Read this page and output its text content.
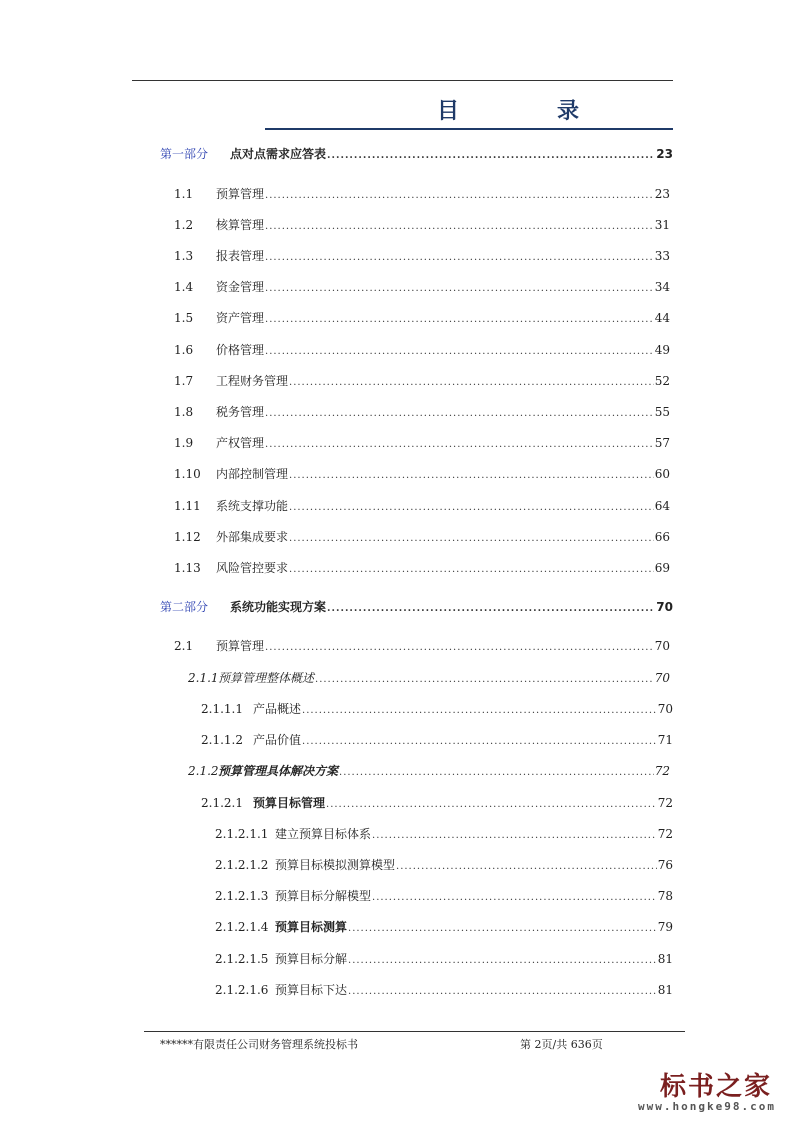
目　录
第一部分	点对点需求应答表 .....	23
1.1	预算管理 .....	23
1.2	核算管理 .....	31
1.3	报表管理 .....	33
1.4	资金管理 .....	34
1.5	资产管理 .....	44
1.6	价格管理 .....	49
1.7	工程财务管理 .....	52
1.8	税务管理 .....	55
1.9	产权管理 .....	57
1.10	内部控制管理 .....	60
1.11	系统支撑功能 .....	64
1.12	外部集成要求 .....	66
1.13	风险管控要求 .....	69
第二部分	系统功能实现方案 .....	70
2.1	预算管理 .....	70
2.1.1 预算管理整体概述 .....	70
2.1.1.1 产品概述 .....	70
2.1.1.2 产品价值 .....	71
2.1.2 预算管理具体解决方案 .....	72
2.1.2.1 预算目标管理 .....	72
2.1.2.1.1 建立预算目标体系 .....	72
2.1.2.1.2 预算目标模拟测算模型 .....	76
2.1.2.1.3 预算目标分解模型 .....	78
2.1.2.1.4 预算目标测算 .....	79
2.1.2.1.5 预算目标分解 .....	81
2.1.2.1.6 预算目标下达 .....	81
******有限责任公司财务管理系统投标书	第 2页/共 636页
标书之家
www.hongke98.com
